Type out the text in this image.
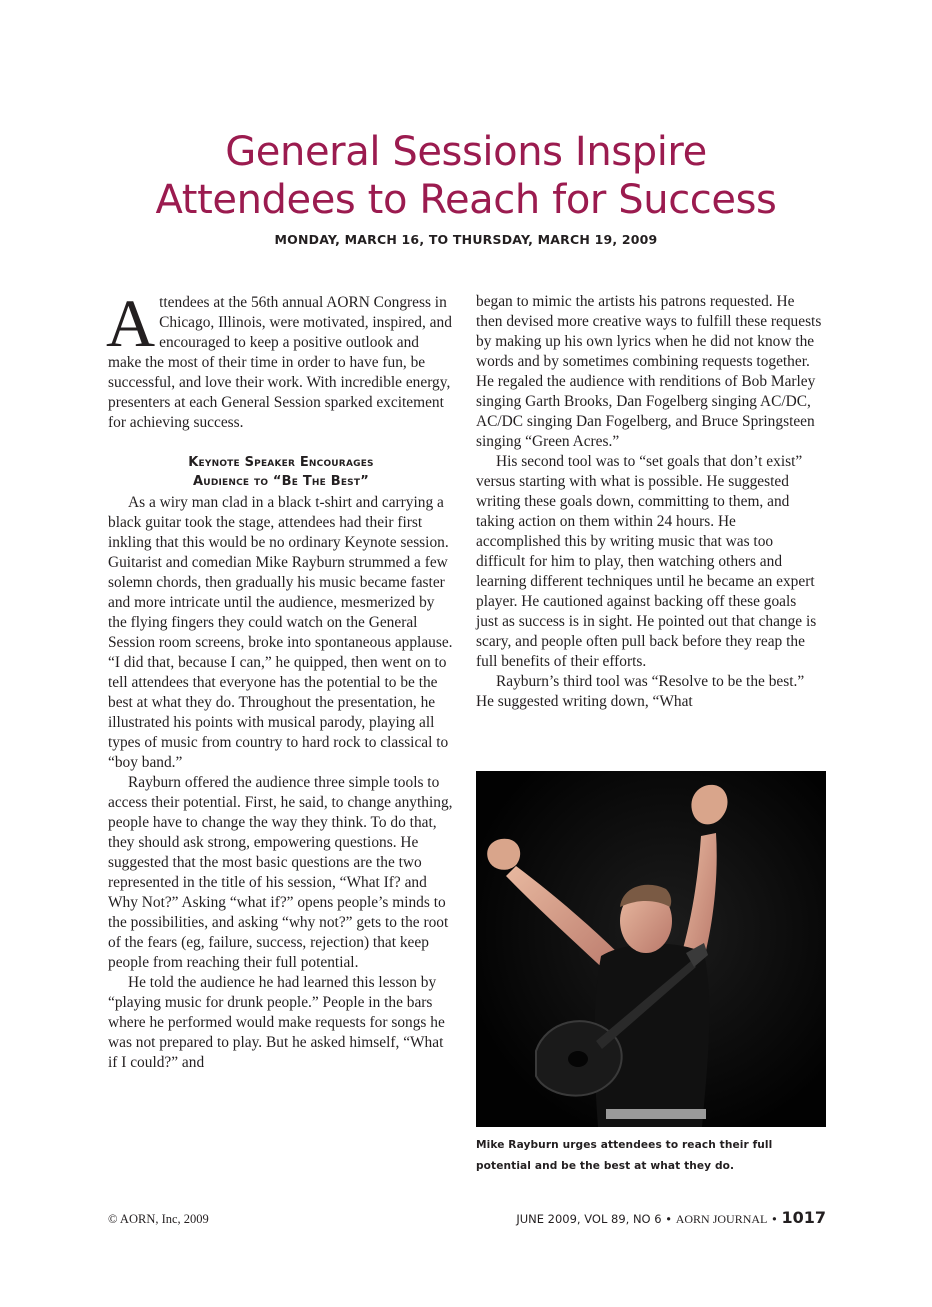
General Sessions Inspire
Attendees to Reach for Success
MONDAY, MARCH 16, TO THURSDAY, MARCH 19, 2009

Attendees at the 56th annual AORN Congress in Chicago, Illinois, were motivated, inspired, and encouraged to keep a positive outlook and make the most of their time in order to have fun, be successful, and love their work. With incredible energy, presenters at each General Session sparked excitement for achieving success.

Keynote Speaker Encourages
Audience to “Be The Best”

As a wiry man clad in a black t-shirt and carrying a black guitar took the stage, attendees had their first inkling that this would be no ordinary Keynote session. Guitarist and comedian Mike Rayburn strummed a few solemn chords, then gradually his music became faster and more intricate until the audience, mesmerized by the flying fingers they could watch on the General Session room screens, broke into spontaneous applause. “I did that, because I can,” he quipped, then went on to tell attendees that everyone has the potential to be the best at what they do. Throughout the presentation, he illustrated his points with musical parody, playing all types of music from country to hard rock to classical to “boy band.”

Rayburn offered the audience three simple tools to access their potential. First, he said, to change anything, people have to change the way they think. To do that, they should ask strong, empowering questions. He suggested that the most basic questions are the two represented in the title of his session, “What If? and Why Not?” Asking “what if?” opens people’s minds to the possibilities, and asking “why not?” gets to the root of the fears (eg, failure, success, rejection) that keep people from reaching their full potential.

He told the audience he had learned this lesson by “playing music for drunk people.” People in the bars where he performed would make requests for songs he was not prepared to play. But he asked himself, “What if I could?” and

began to mimic the artists his patrons requested. He then devised more creative ways to fulfill these requests by making up his own lyrics when he did not know the words and by sometimes combining requests together. He regaled the audience with renditions of Bob Marley singing Garth Brooks, Dan Fogelberg singing AC/DC, AC/DC singing Dan Fogelberg, and Bruce Springsteen singing “Green Acres.”

His second tool was to “set goals that don’t exist” versus starting with what is possible. He suggested writing these goals down, committing to them, and taking action on them within 24 hours. He accomplished this by writing music that was too difficult for him to play, then watching others and learning different techniques until he became an expert player. He cautioned against backing off these goals just as success is in sight. He pointed out that change is scary, and people often pull back before they reap the full benefits of their efforts.

Rayburn’s third tool was “Resolve to be the best.” He suggested writing down, “What

Mike Rayburn urges attendees to reach their full potential and be the best at what they do.
© AORN, Inc, 2009	JUNE 2009, VOL 89, NO 6 • AORN JOURNAL • 1017
